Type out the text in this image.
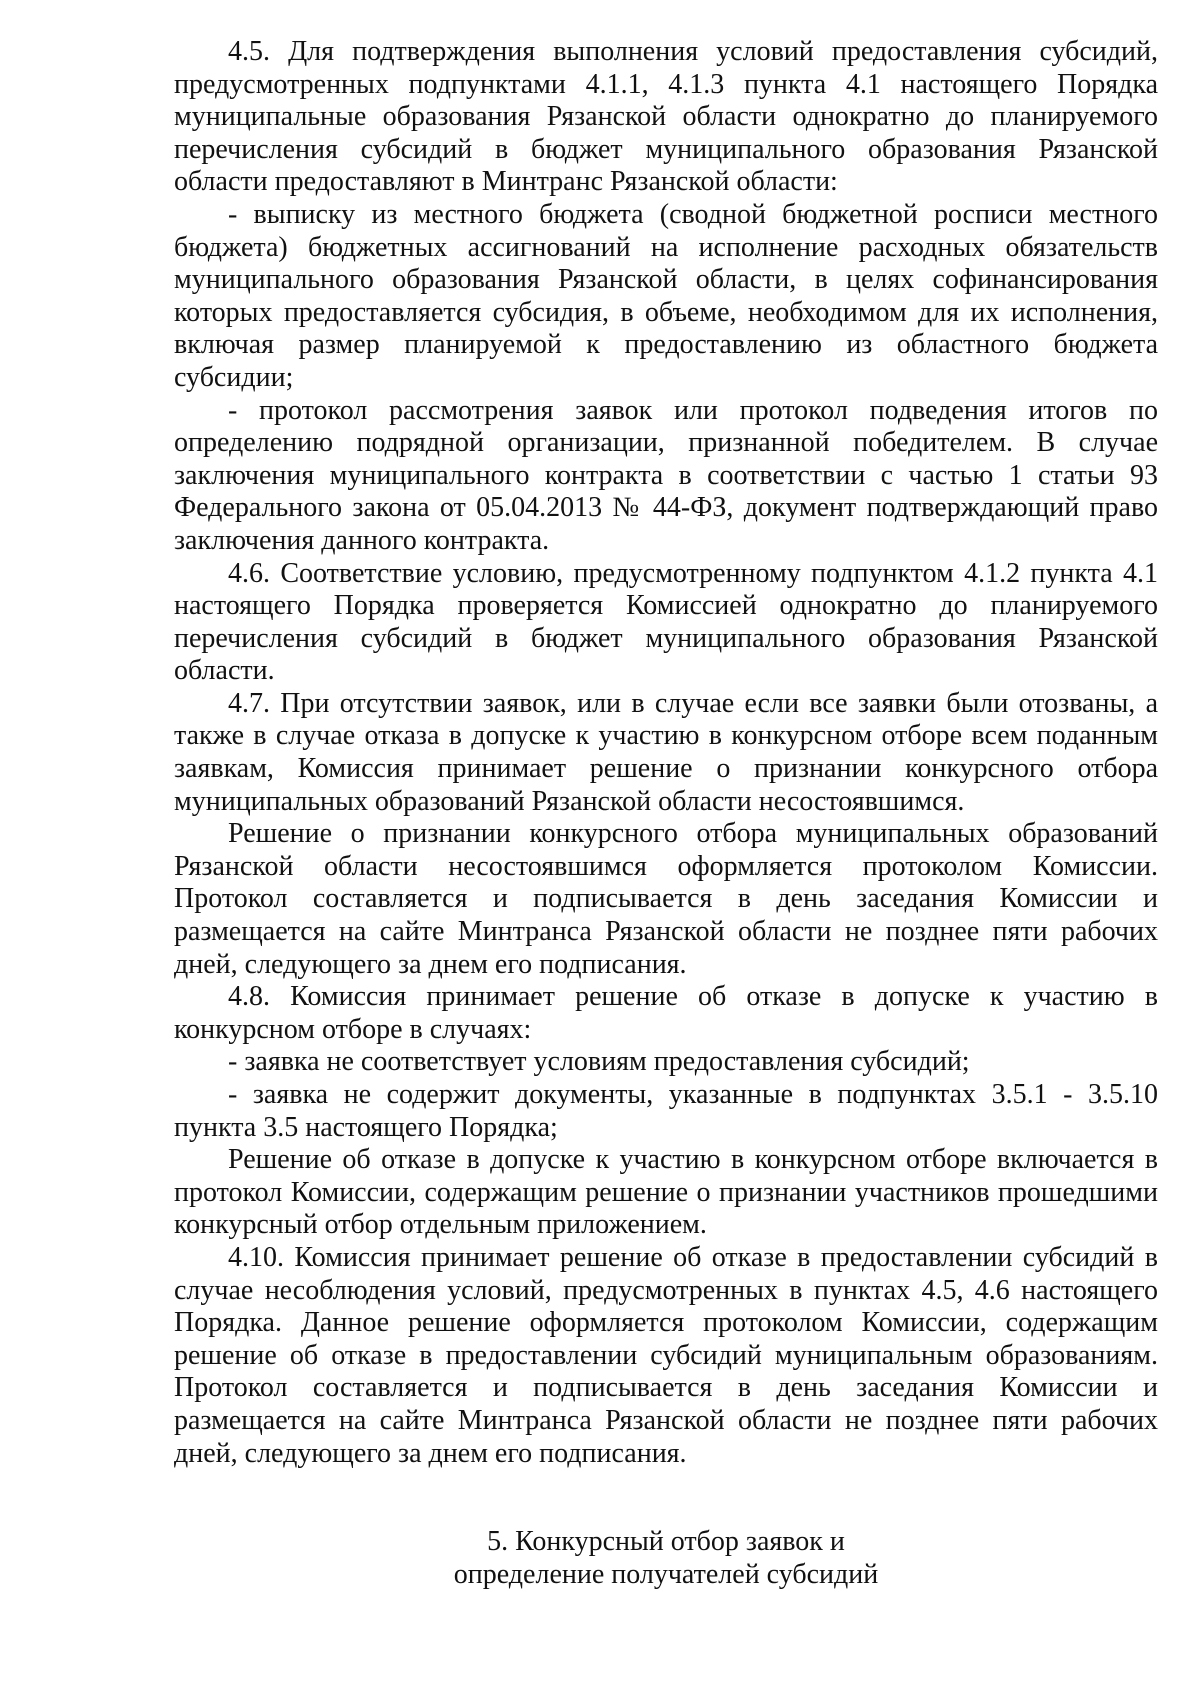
4.5. Для подтверждения выполнения условий предоставления субсидий, предусмотренных подпунктами 4.1.1, 4.1.3 пункта 4.1 настоящего Порядка муниципальные образования Рязанской области однократно до планируемого перечисления субсидий в бюджет муниципального образования Рязанской области предоставляют в Минтранс Рязанской области:

- выписку из местного бюджета (сводной бюджетной росписи местного бюджета) бюджетных ассигнований на исполнение расходных обязательств муниципального образования Рязанской области, в целях софинансирования которых предоставляется субсидия, в объеме, необходимом для их исполнения, включая размер планируемой к предоставлению из областного бюджета субсидии;

- протокол рассмотрения заявок или протокол подведения итогов по определению подрядной организации, признанной победителем. В случае заключения муниципального контракта в соответствии с частью 1 статьи 93 Федерального закона от 05.04.2013 № 44-ФЗ, документ подтверждающий право заключения данного контракта.

4.6. Соответствие условию, предусмотренному подпунктом 4.1.2 пункта 4.1 настоящего Порядка проверяется Комиссией однократно до планируемого перечисления субсидий в бюджет муниципального образования Рязанской области.

4.7. При отсутствии заявок, или в случае если все заявки были отозваны, а также в случае отказа в допуске к участию в конкурсном отборе всем поданным заявкам, Комиссия принимает решение о признании конкурсного отбора муниципальных образований Рязанской области несостоявшимся.

Решение о признании конкурсного отбора муниципальных образований Рязанской области несостоявшимся оформляется протоколом Комиссии. Протокол составляется и подписывается в день заседания Комиссии и размещается на сайте Минтранса Рязанской области не позднее пяти рабочих дней, следующего за днем его подписания.

4.8. Комиссия принимает решение об отказе в допуске к участию в конкурсном отборе в случаях:

- заявка не соответствует условиям предоставления субсидий;

- заявка не содержит документы, указанные в подпунктах 3.5.1 - 3.5.10 пункта 3.5 настоящего Порядка;

Решение об отказе в допуске к участию в конкурсном отборе включается в протокол Комиссии, содержащим решение о признании участников прошедшими конкурсный отбор отдельным приложением.

4.10. Комиссия принимает решение об отказе в предоставлении субсидий в случае несоблюдения условий, предусмотренных в пунктах 4.5, 4.6 настоящего Порядка. Данное решение оформляется протоколом Комиссии, содержащим решение об отказе в предоставлении субсидий муниципальным образованиям. Протокол составляется и подписывается в день заседания Комиссии и размещается на сайте Минтранса Рязанской области не позднее пяти рабочих дней, следующего за днем его подписания.

5. Конкурсный отбор заявок и

определение получателей субсидий
